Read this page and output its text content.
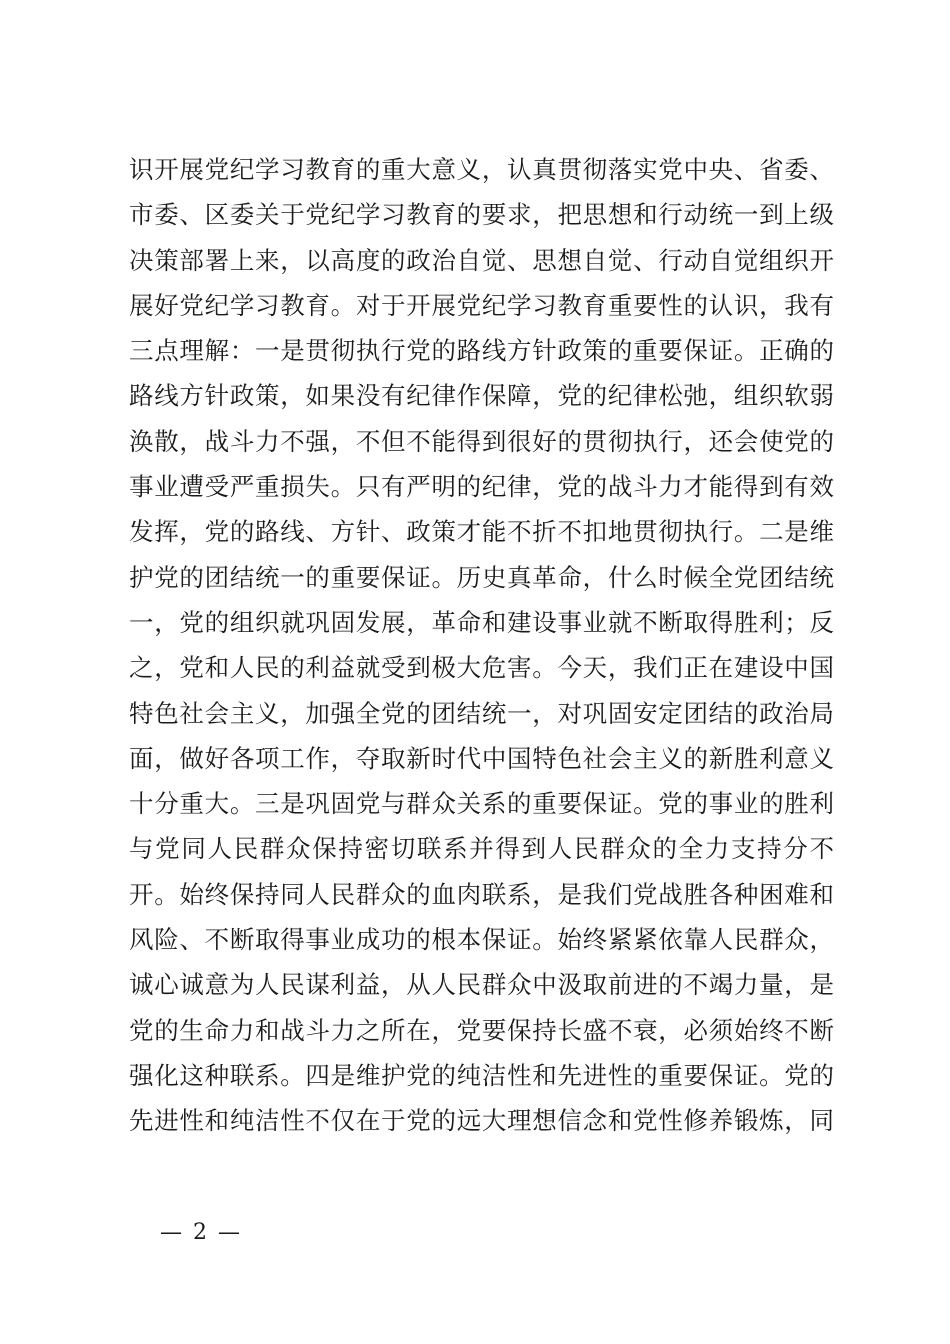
识开展党纪学习教育的重大意义，认真贯彻落实党中央、省委、
市委、区委关于党纪学习教育的要求，把思想和行动统一到上级
决策部署上来，以高度的政治自觉、思想自觉、行动自觉组织开
展好党纪学习教育。对于开展党纪学习教育重要性的认识，我有
三点理解：一是贯彻执行党的路线方针政策的重要保证。正确的
路线方针政策，如果没有纪律作保障，党的纪律松弛，组织软弱
涣散，战斗力不强，不但不能得到很好的贯彻执行，还会使党的
事业遭受严重损失。只有严明的纪律，党的战斗力才能得到有效
发挥，党的路线、方针、政策才能不折不扣地贯彻执行。二是维
护党的团结统一的重要保证。历史真革命，什么时候全党团结统
一，党的组织就巩固发展，革命和建设事业就不断取得胜利；反
之，党和人民的利益就受到极大危害。今天，我们正在建设中国
特色社会主义，加强全党的团结统一，对巩固安定团结的政治局
面，做好各项工作，夺取新时代中国特色社会主义的新胜利意义
十分重大。三是巩固党与群众关系的重要保证。党的事业的胜利
与党同人民群众保持密切联系并得到人民群众的全力支持分不
开。始终保持同人民群众的血肉联系，是我们党战胜各种困难和
风险、不断取得事业成功的根本保证。始终紧紧依靠人民群众，
诚心诚意为人民谋利益，从人民群众中汲取前进的不竭力量，是
党的生命力和战斗力之所在，党要保持长盛不衰，必须始终不断
强化这种联系。四是维护党的纯洁性和先进性的重要保证。党的
先进性和纯洁性不仅在于党的远大理想信念和党性修养锻炼，同
— 2 —
